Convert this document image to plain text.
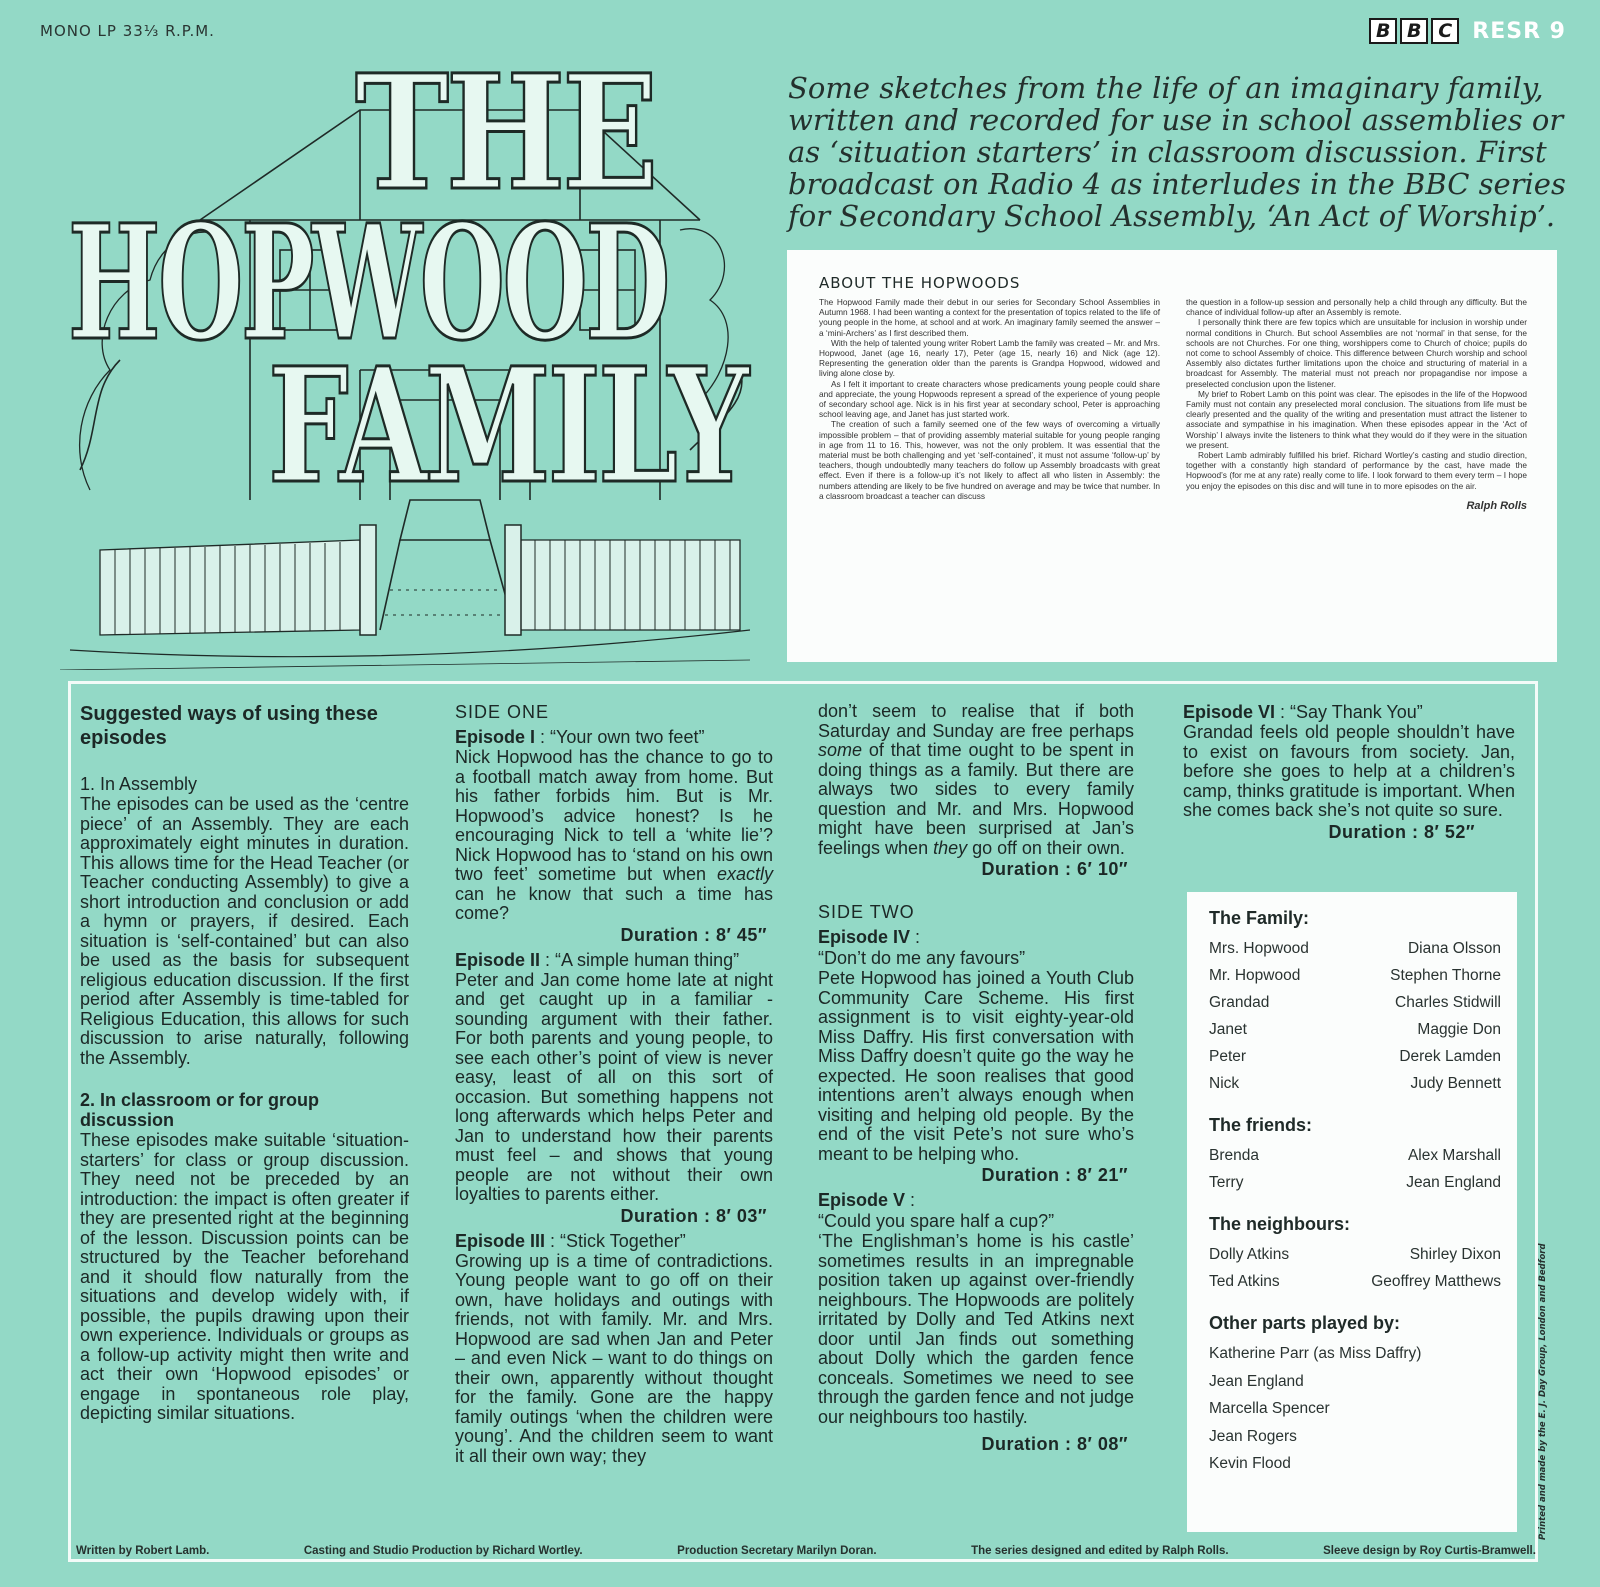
MONO LP 33⅓ R.P.M.	B B C RESR 9
THE
HOPWOOD
FAMILY
Some sketches from the life of an imaginary family, written and recorded for use in school assemblies or as ‘situation starters’ in classroom discussion. First broadcast on Radio 4 as interludes in the BBC series for Secondary School Assembly, ‘An Act of Worship’.
ABOUT THE HOPWOODS

The Hopwood Family made their debut in our series for Secondary School Assemblies in Autumn 1968. I had been wanting a context for the presentation of topics related to the life of young people in the home, at school and at work. An imaginary family seemed the answer – a ‘mini-Archers’ as I first described them.

With the help of talented young writer Robert Lamb the family was created – Mr. and Mrs. Hopwood, Janet (age 16, nearly 17), Peter (age 15, nearly 16) and Nick (age 12). Representing the generation older than the parents is Grandpa Hopwood, widowed and living alone close by.

As I felt it important to create characters whose predicaments young people could share and appreciate, the young Hopwoods represent a spread of the experience of young people of secondary school age. Nick is in his first year at secondary school, Peter is approaching school leaving age, and Janet has just started work.

The creation of such a family seemed one of the few ways of overcoming a virtually impossible problem – that of providing assembly material suitable for young people ranging in age from 11 to 16. This, however, was not the only problem. It was essential that the material must be both challenging and yet ‘self-contained’, it must not assume ‘follow-up’ by teachers, though undoubtedly many teachers do follow up Assembly broadcasts with great effect. Even if there is a follow-up it’s not likely to affect all who listen in Assembly: the numbers attending are likely to be five hundred on average and may be twice that number. In a classroom broadcast a teacher can discuss

the question in a follow-up session and personally help a child through any difficulty. But the chance of individual follow-up after an Assembly is remote.

I personally think there are few topics which are unsuitable for inclusion in worship under normal conditions in Church. But school Assemblies are not ‘normal’ in that sense, for the schools are not Churches. For one thing, worshippers come to Church of choice; pupils do not come to school Assembly of choice. This difference between Church worship and school Assembly also dictates further limitations upon the choice and structuring of material in a broadcast for Assembly. The material must not preach nor propagandise nor impose a preselected conclusion upon the listener.

My brief to Robert Lamb on this point was clear. The episodes in the life of the Hopwood Family must not contain any preselected moral conclusion. The situations from life must be clearly presented and the quality of the writing and presentation must attract the listener to associate and sympathise in his imagination. When these episodes appear in the ‘Act of Worship’ I always invite the listeners to think what they would do if they were in the situation we present.

Robert Lamb admirably fulfilled his brief. Richard Wortley’s casting and studio direction, together with a constantly high standard of performance by the cast, have made the Hopwood’s (for me at any rate) really come to life. I look forward to them every term – I hope you enjoy the episodes on this disc and will tune in to more episodes on the air.

Ralph Rolls
Suggested ways of using these episodes
1. In Assembly
The episodes can be used as the ‘centre piece’ of an Assembly. They are each approximately eight minutes in duration. This allows time for the Head Teacher (or Teacher conducting Assembly) to give a short introduction and conclusion or add a hymn or prayers, if desired. Each situation is ‘self-contained’ but can also be used as the basis for subsequent religious education discussion. If the first period after Assembly is time-tabled for Religious Education, this allows for such discussion to arise naturally, following the Assembly.
2. In classroom or for group discussion
These episodes make suitable ‘situation-starters’ for class or group discussion. They need not be preceded by an introduction: the impact is often greater if they are presented right at the beginning of the lesson. Discussion points can be structured by the Teacher beforehand and it should flow naturally from the situations and develop widely with, if possible, the pupils drawing upon their own experience. Individuals or groups as a follow-up activity might then write and act their own ‘Hopwood episodes’ or engage in spontaneous role play, depicting similar situations.
SIDE ONE
Episode I : “Your own two feet”
Nick Hopwood has the chance to go to a football match away from home. But his father forbids him. But is Mr. Hopwood’s advice honest? Is he encouraging Nick to tell a ‘white lie’? Nick Hopwood has to ‘stand on his own two feet’ sometime but when exactly can he know that such a time has come?
Duration : 8′ 45″
Episode II : “A simple human thing”
Peter and Jan come home late at night and get caught up in a familiar - sounding argument with their father. For both parents and young people, to see each other’s point of view is never easy, least of all on this sort of occasion. But something happens not long afterwards which helps Peter and Jan to understand how their parents must feel – and shows that young people are not without their own loyalties to parents either.
Duration : 8′ 03″
Episode III : “Stick Together”
Growing up is a time of contradictions. Young people want to go off on their own, have holidays and outings with friends, not with family. Mr. and Mrs. Hopwood are sad when Jan and Peter – and even Nick – want to do things on their own, apparently without thought for the family. Gone are the happy family outings ‘when the children were young’. And the children seem to want it all their own way; they
don’t seem to realise that if both Saturday and Sunday are free perhaps some of that time ought to be spent in doing things as a family. But there are always two sides to every family question and Mr. and Mrs. Hopwood might have been surprised at Jan’s feelings when they go off on their own.
Duration : 6′ 10″
SIDE TWO
Episode IV :
“Don’t do me any favours”
Pete Hopwood has joined a Youth Club Community Care Scheme. His first assignment is to visit eighty-year-old Miss Daffry. His first conversation with Miss Daffry doesn’t quite go the way he expected. He soon realises that good intentions aren’t always enough when visiting and helping old people. By the end of the visit Pete’s not sure who’s meant to be helping who.
Duration : 8′ 21″
Episode V :
“Could you spare half a cup?”
‘The Englishman’s home is his castle’ sometimes results in an impregnable position taken up against over-friendly neighbours. The Hopwoods are politely irritated by Dolly and Ted Atkins next door until Jan finds out something about Dolly which the garden fence conceals. Sometimes we need to see through the garden fence and not judge our neighbours too hastily.
Duration : 8′ 08″
Episode VI : “Say Thank You”
Grandad feels old people shouldn’t have to exist on favours from society. Jan, before she goes to help at a children’s camp, thinks gratitude is important. When she comes back she’s not quite so sure.
Duration : 8′ 52″
The Family:
Mrs. Hopwood	Diana Olsson
Mr. Hopwood	Stephen Thorne
Grandad	Charles Stidwill
Janet	Maggie Don
Peter	Derek Lamden
Nick	Judy Bennett
The friends:
Brenda	Alex Marshall
Terry	Jean England
The neighbours:
Dolly Atkins	Shirley Dixon
Ted Atkins	Geoffrey Matthews
Other parts played by:
Katherine Parr (as Miss Daffry)
Jean England
Marcella Spencer
Jean Rogers
Kevin Flood	Printed and made by the E. J. Day Group, London and Bedford
Written by Robert Lamb.	Casting and Studio Production by Richard Wortley.	Production Secretary Marilyn Doran.	The series designed and edited by Ralph Rolls.	Sleeve design by Roy Curtis-Bramwell.
